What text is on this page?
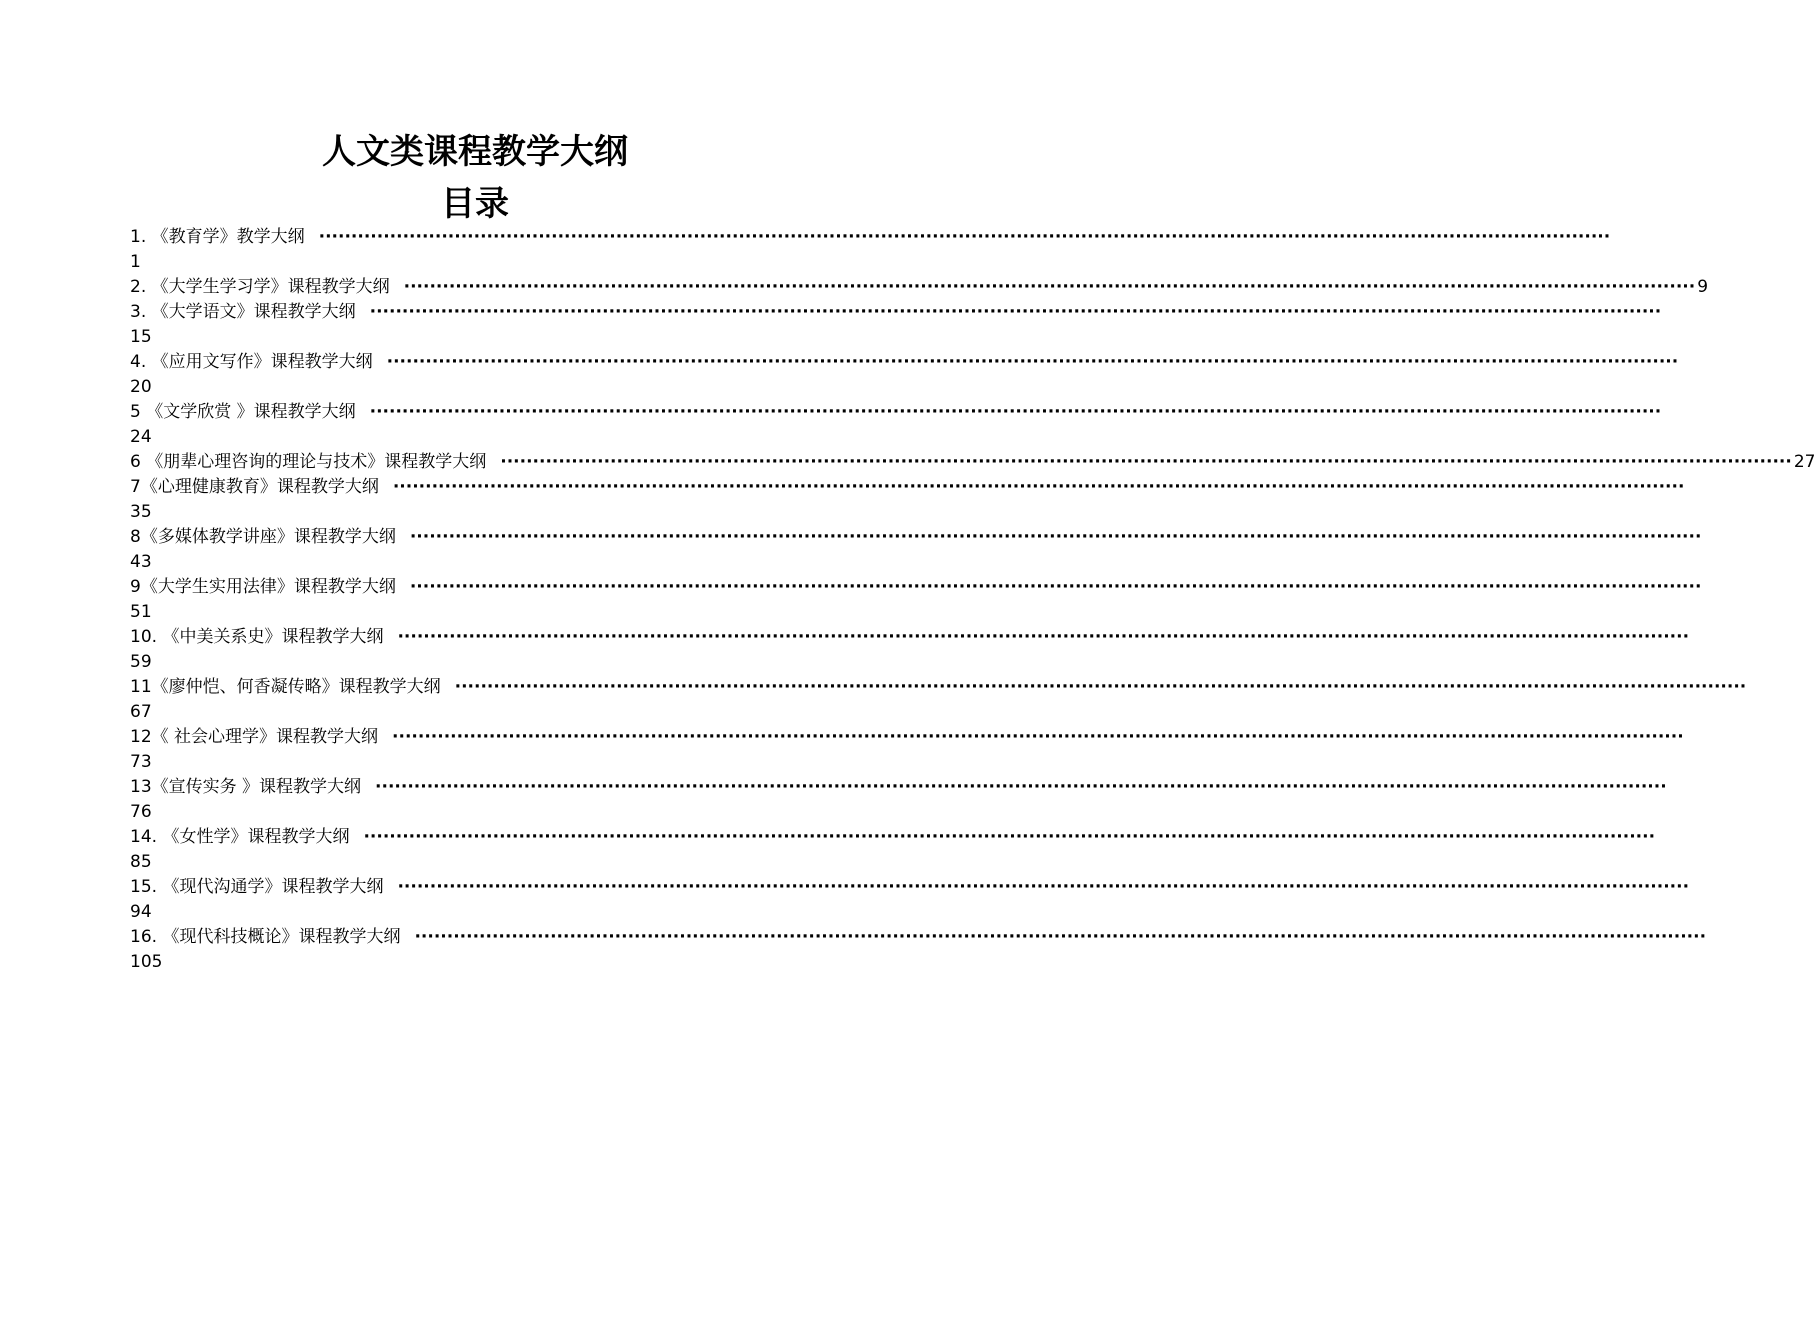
人文类课程教学大纲
目录
1. 《教育学》教学大纲 ········································································································································································································
1
2. 《大学生学习学》课程教学大纲 ········································································································································································································ 9
3. 《大学语文》课程教学大纲 ········································································································································································································
15
4. 《应用文写作》课程教学大纲 ········································································································································································································
20
5 《文学欣赏 》课程教学大纲 ········································································································································································································
24
6 《朋辈心理咨询的理论与技术》课程教学大纲 ········································································································································································································ 27
7《心理健康教育》课程教学大纲 ········································································································································································································
35
8《多媒体教学讲座》课程教学大纲 ········································································································································································································
43
9《大学生实用法律》课程教学大纲 ········································································································································································································
51
10. 《中美关系史》课程教学大纲 ········································································································································································································
59
11《廖仲恺、何香凝传略》课程教学大纲 ········································································································································································································
67
12《 社会心理学》课程教学大纲 ········································································································································································································
73
13《宣传实务 》课程教学大纲 ········································································································································································································
76
14. 《女性学》课程教学大纲 ········································································································································································································
85
15. 《现代沟通学》课程教学大纲 ········································································································································································································
94
16. 《现代科技概论》课程教学大纲 ········································································································································································································
105
